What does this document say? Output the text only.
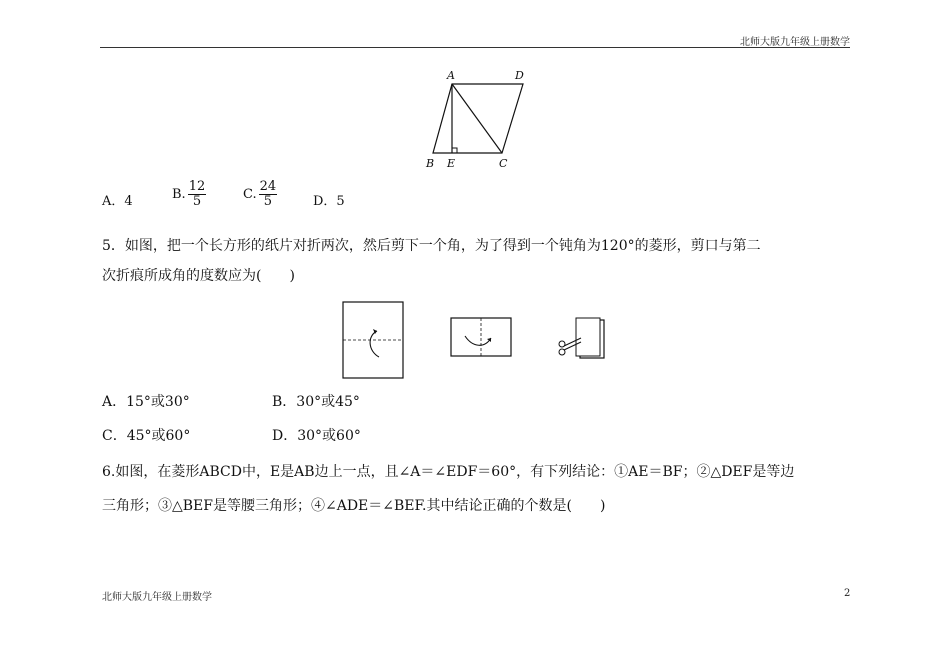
北师大版九年级上册数学
A	D
B E	C
A．4	B. $\frac{12}{5}$	C. $\frac{24}{5}$	D．5
5．如图，把一个长方形的纸片对折两次，然后剪下一个角，为了得到一个钝角为120°的菱形，剪口与第二
次折痕所成角的度数应为(　　)
A．15°或30°	B．30°或45°
C．45°或60°	D．30°或60°
6.如图，在菱形ABCD中，E是AB边上一点，且∠A＝∠EDF＝60°，有下列结论：①AE＝BF；②△DEF是等边
三角形；③△BEF是等腰三角形；④∠ADE＝∠BEF.其中结论正确的个数是(　　)
北师大版九年级上册数学	2
